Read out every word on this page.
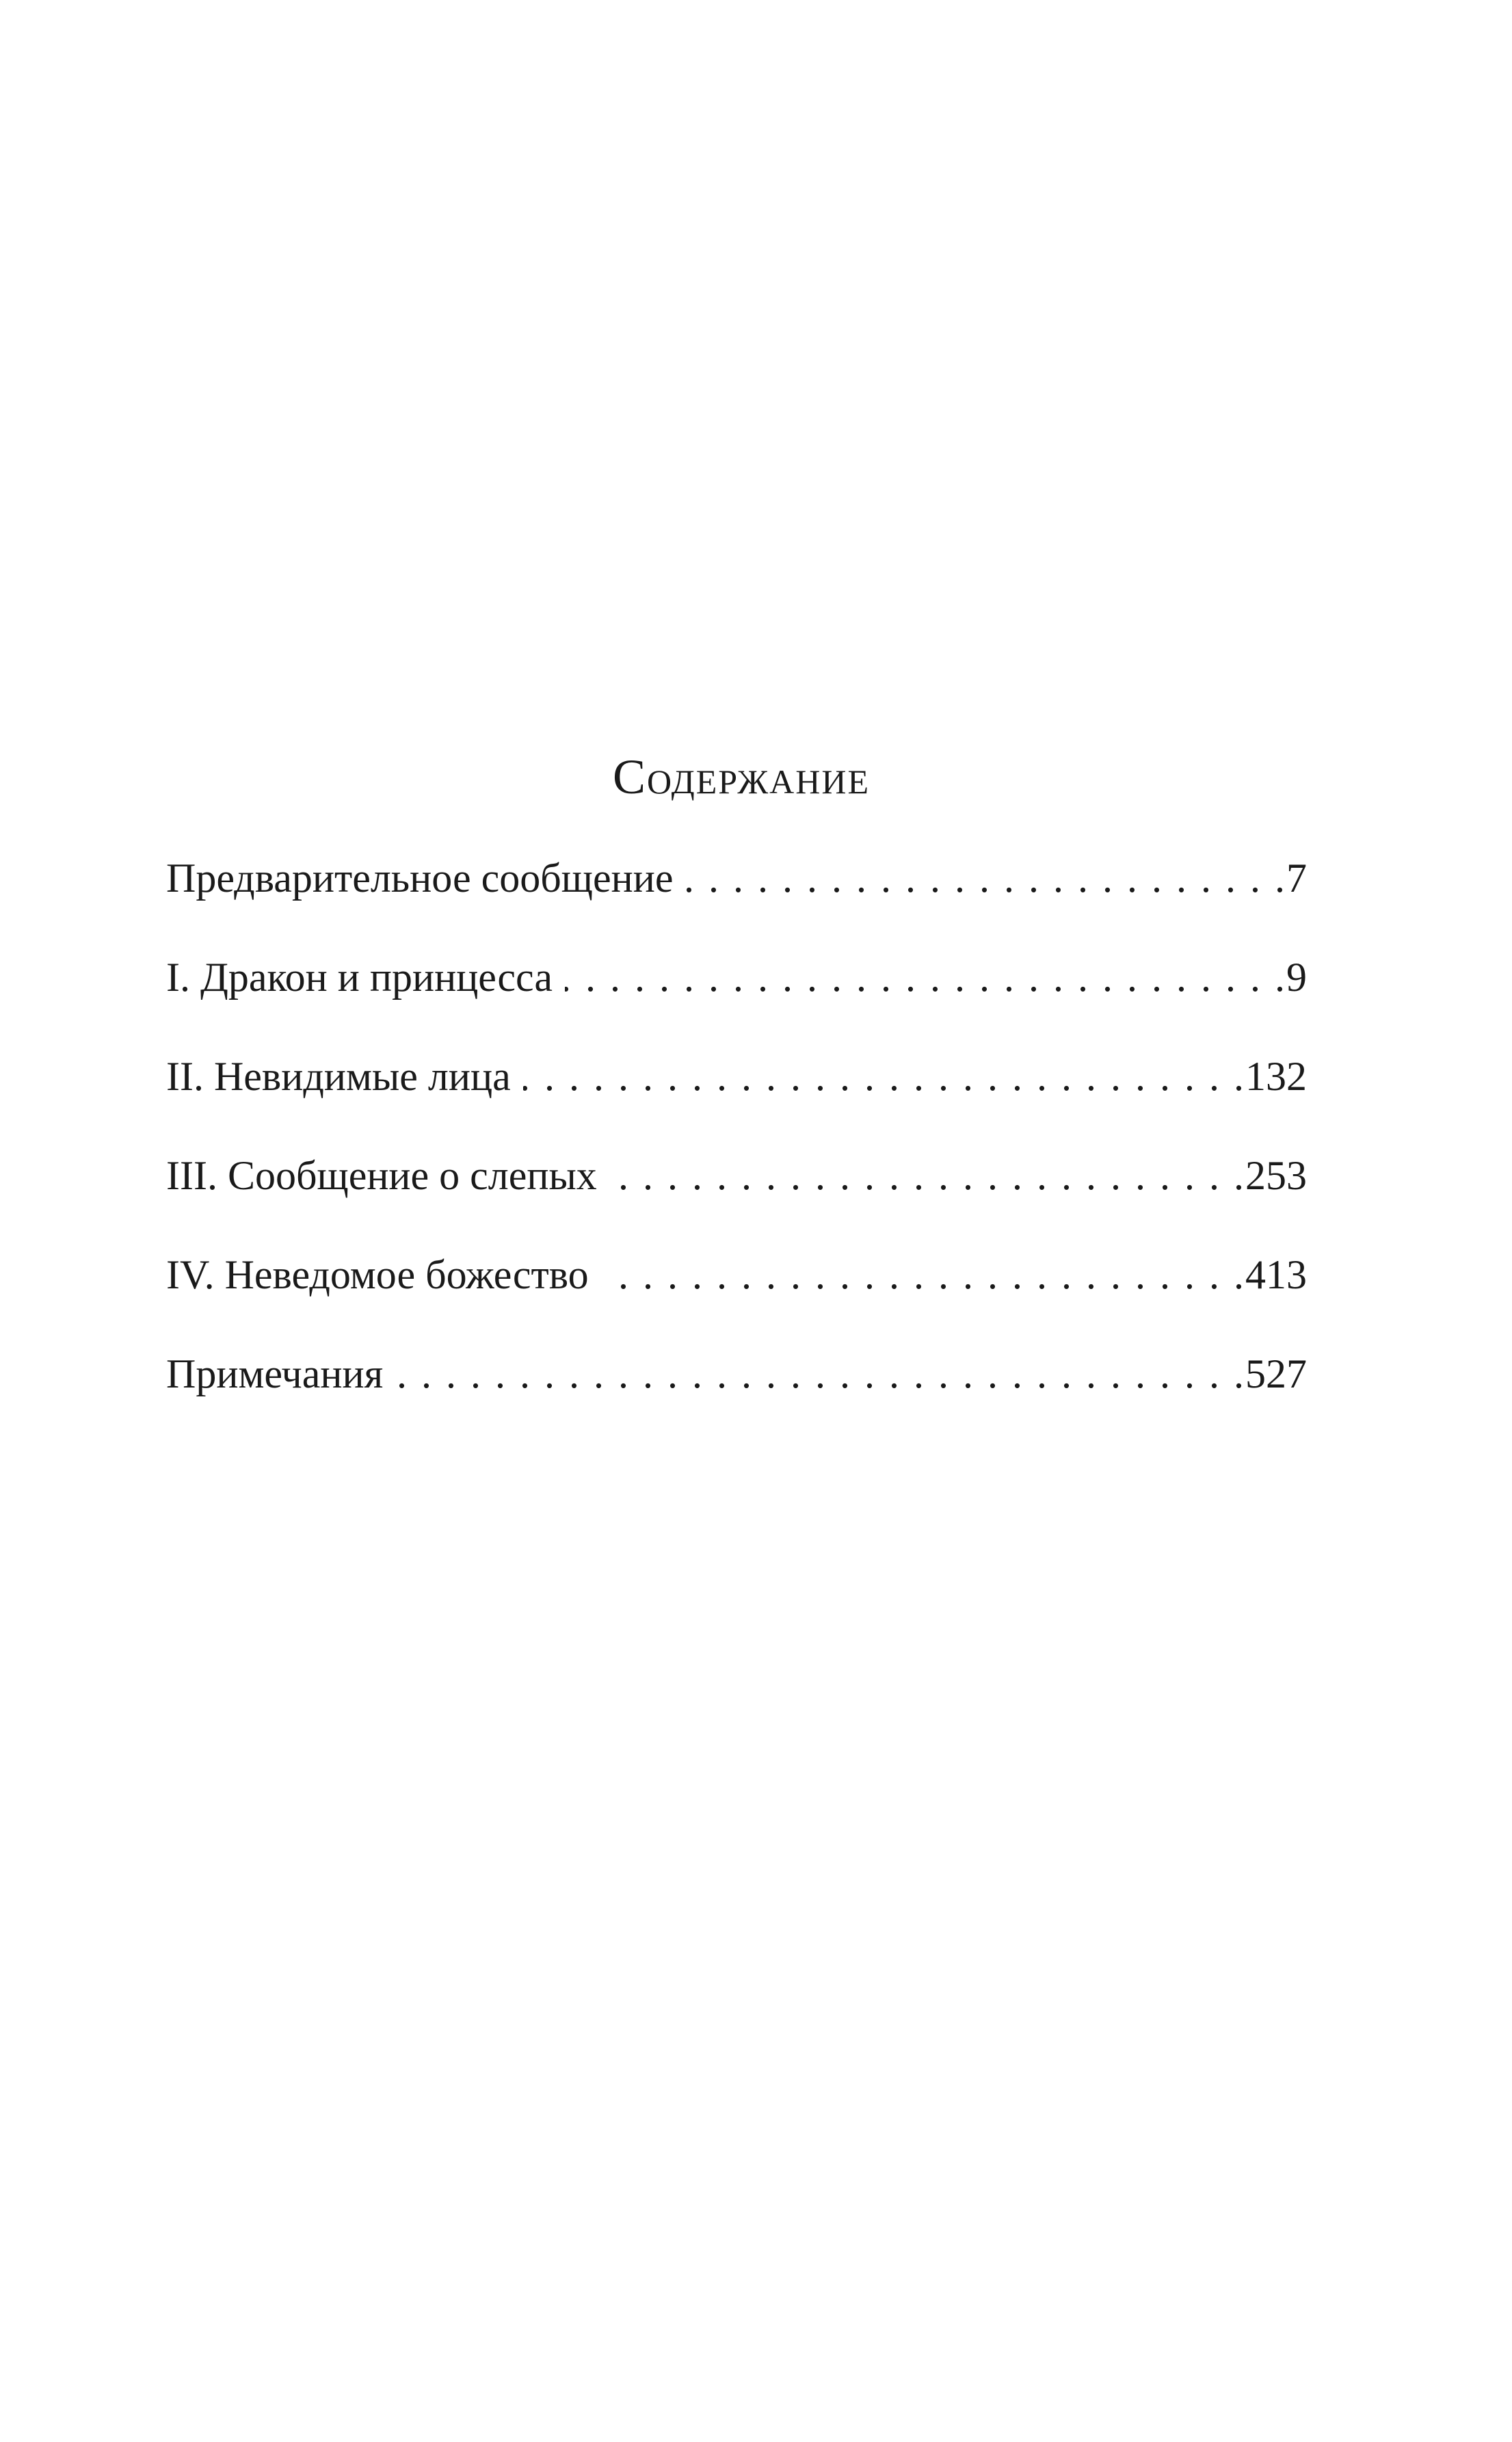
Содержание
Предварительное сообщение . . .	7
I. Дракон и принцесса . . .	9
II. Невидимые лица . . .	132
III. Сообщение о слепых . . .	253
IV. Неведомое божество . . .	413
Примечания . . .	527
